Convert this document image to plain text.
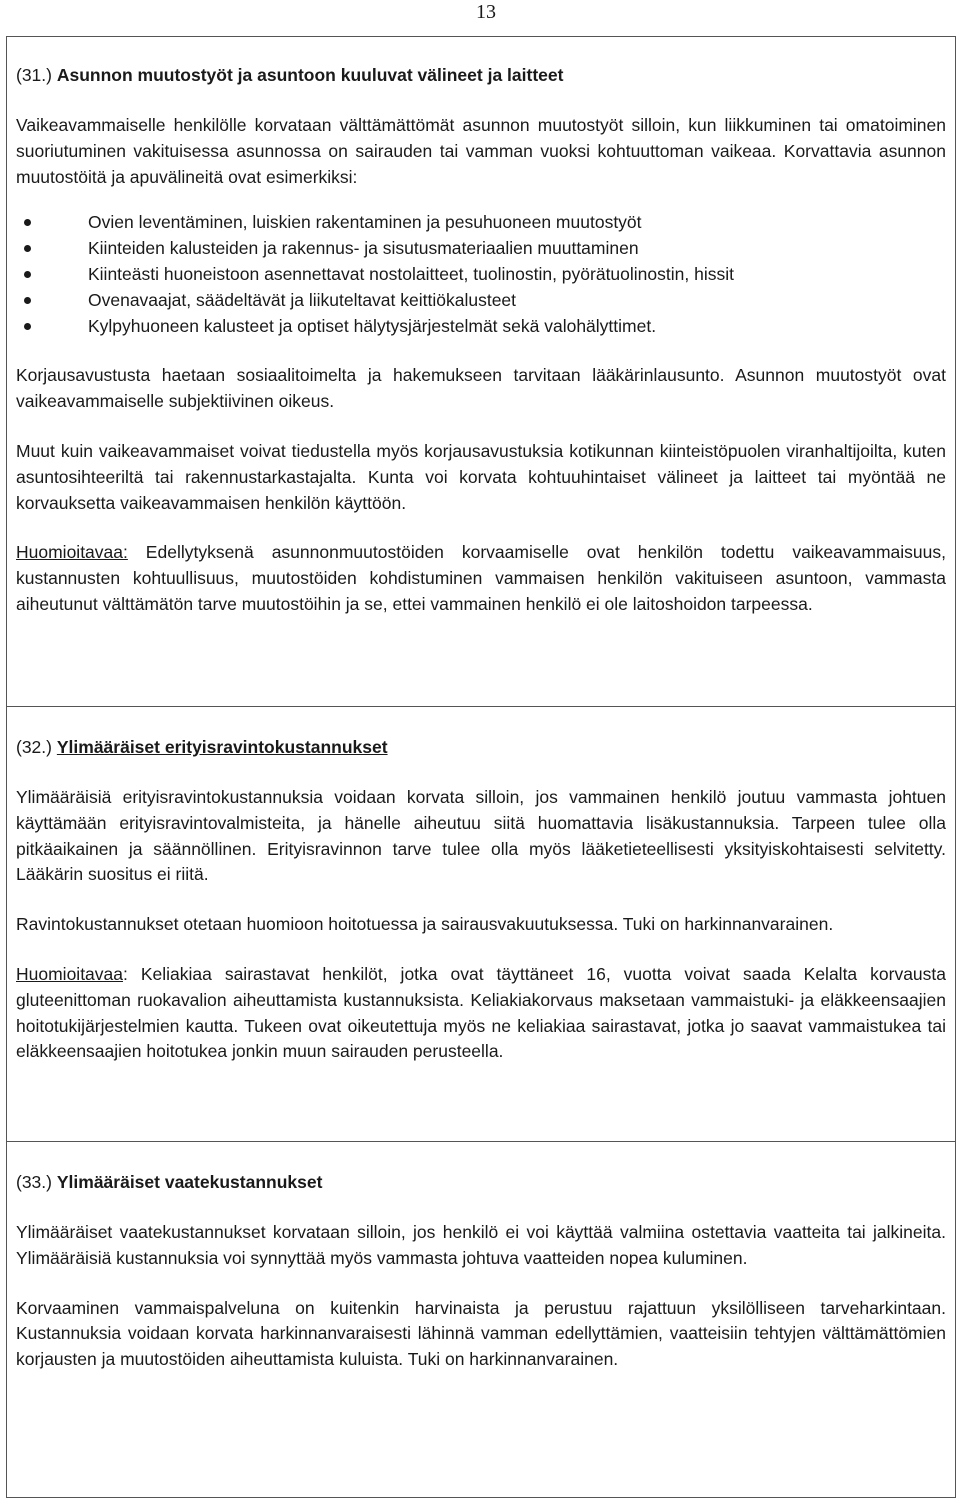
13
(31.) Asunnon muutostyöt ja asuntoon kuuluvat välineet ja laitteet

Vaikeavammaiselle henkilölle korvataan välttämättömät asunnon muutostyöt silloin, kun liikkuminen tai omatoiminen suoriutuminen vakituisessa asunnossa on sairauden tai vamman vuoksi kohtuuttoman vaikeaa. Korvattavia asunnon muutostöitä ja apuvälineitä ovat esimerkiksi:

Ovien leventäminen, luiskien rakentaminen ja pesuhuoneen muutostyöt
Kiinteiden kalusteiden ja rakennus- ja sisutusmateriaalien muuttaminen
Kiinteästi huoneistoon asennettavat nostolaitteet, tuolinostin, pyörätuolinostin, hissit
Ovenavaajat, säädeltävät ja liikuteltavat keittiökalusteet
Kylpyhuoneen kalusteet ja optiset hälytysjärjestelmät sekä valohälyttimet.

Korjausavustusta haetaan sosiaalitoimelta ja hakemukseen tarvitaan lääkärinlausunto. Asunnon muutostyöt ovat vaikeavammaiselle subjektiivinen oikeus.

Muut kuin vaikeavammaiset voivat tiedustella myös korjausavustuksia kotikunnan kiinteistöpuolen viranhaltijoilta, kuten asuntosihteeriltä tai rakennustarkastajalta. Kunta voi korvata kohtuuhintaiset välineet ja laitteet tai myöntää ne korvauksetta vaikeavammaisen henkilön käyttöön.

Huomioitavaa: Edellytyksenä asunnonmuutostöiden korvaamiselle ovat henkilön todettu vaikeavammaisuus, kustannusten kohtuullisuus, muutostöiden kohdistuminen vammaisen henkilön vakituiseen asuntoon, vammasta aiheutunut välttämätön tarve muutostöihin ja se, ettei vammainen henkilö ei ole laitoshoidon tarpeessa.

(32.) Ylimääräiset erityisravintokustannukset

Ylimääräisiä erityisravintokustannuksia voidaan korvata silloin, jos vammainen henkilö joutuu vammasta johtuen käyttämään erityisravintovalmisteita, ja hänelle aiheutuu siitä huomattavia lisäkustannuksia. Tarpeen tulee olla pitkäaikainen ja säännöllinen. Erityisravinnon tarve tulee olla myös lääketieteellisesti yksityiskohtaisesti selvitetty. Lääkärin suositus ei riitä.

Ravintokustannukset otetaan huomioon hoitotuessa ja sairausvakuutuksessa. Tuki on harkinnanvarainen.

Huomioitavaa: Keliakiaa sairastavat henkilöt, jotka ovat täyttäneet 16, vuotta voivat saada Kelalta korvausta gluteenittoman ruokavalion aiheuttamista kustannuksista. Keliakiakorvaus maksetaan vammaistuki- ja eläkkeensaajien hoitotukijärjestelmien kautta. Tukeen ovat oikeutettuja myös ne keliakiaa sairastavat, jotka jo saavat vammaistukea tai eläkkeensaajien hoitotukea jonkin muun sairauden perusteella.

(33.) Ylimääräiset vaatekustannukset

Ylimääräiset vaatekustannukset korvataan silloin, jos henkilö ei voi käyttää valmiina ostettavia vaatteita tai jalkineita. Ylimääräisiä kustannuksia voi synnyttää myös vammasta johtuva vaatteiden nopea kuluminen.

Korvaaminen vammaispalveluna on kuitenkin harvinaista ja perustuu rajattuun yksilölliseen tarveharkintaan. Kustannuksia voidaan korvata harkinnanvaraisesti lähinnä vamman edellyttämien, vaatteisiin tehtyjen välttämättömien korjausten ja muutostöiden aiheuttamista kuluista. Tuki on harkinnanvarainen.
